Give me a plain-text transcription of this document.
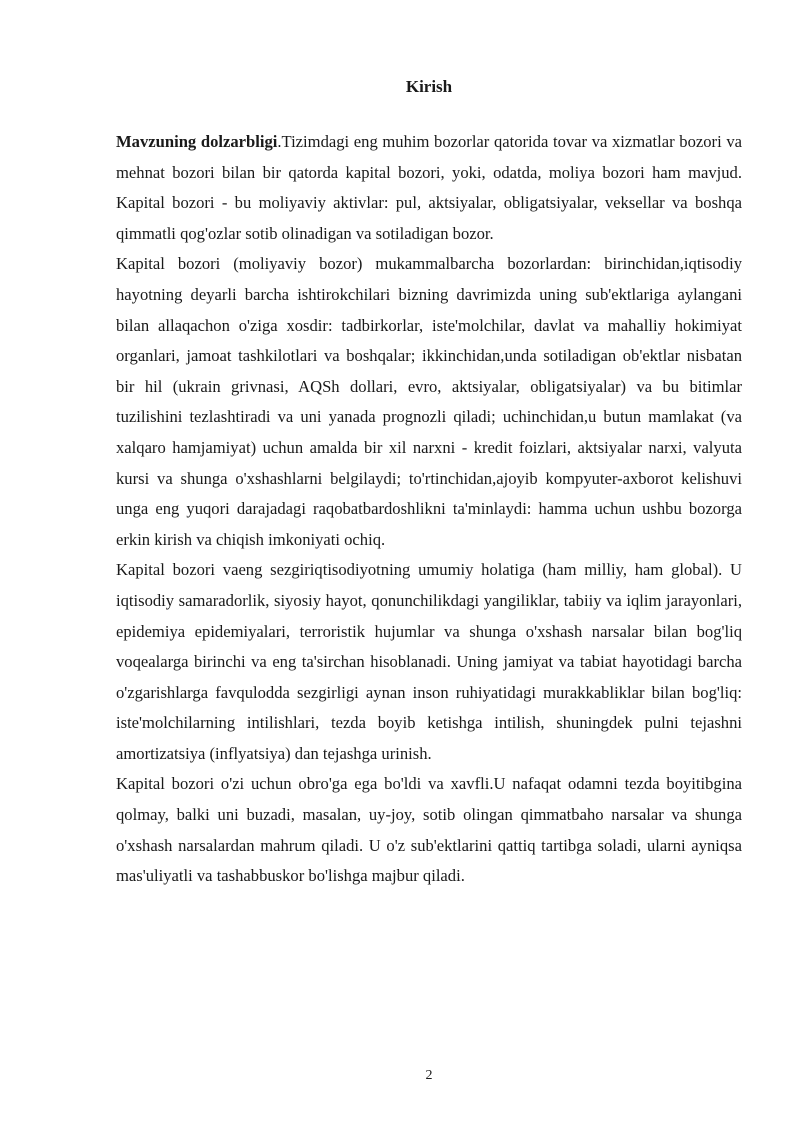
Kirish

Mavzuning dolzarbligi.Tizimdagi eng muhim bozorlar qatorida tovar va xizmatlar bozori va mehnat bozori bilan bir qatorda kapital bozori, yoki, odatda, moliya bozori ham mavjud. Kapital bozori - bu moliyaviy aktivlar: pul, aktsiyalar, obligatsiyalar, veksellar va boshqa qimmatli qog'ozlar sotib olinadigan va sotiladigan bozor.

Kapital bozori (moliyaviy bozor) mukammalbarcha bozorlardan: birinchidan,iqtisodiy hayotning deyarli barcha ishtirokchilari bizning davrimizda uning sub'ektlariga aylangani bilan allaqachon o'ziga xosdir: tadbirkorlar, iste'molchilar, davlat va mahalliy hokimiyat organlari, jamoat tashkilotlari va boshqalar; ikkinchidan,unda sotiladigan ob'ektlar nisbatan bir hil (ukrain grivnasi, AQSh dollari, evro, aktsiyalar, obligatsiyalar) va bu bitimlar tuzilishini tezlashtiradi va uni yanada prognozli qiladi; uchinchidan,u butun mamlakat (va xalqaro hamjamiyat) uchun amalda bir xil narxni - kredit foizlari, aktsiyalar narxi, valyuta kursi va shunga o'xshashlarni belgilaydi; to'rtinchidan,ajoyib kompyuter-axborot kelishuvi unga eng yuqori darajadagi raqobatbardoshlikni ta'minlaydi: hamma uchun ushbu bozorga erkin kirish va chiqish imkoniyati ochiq.

Kapital bozori vaeng sezgiriqtisodiyotning umumiy holatiga (ham milliy, ham global). U iqtisodiy samaradorlik, siyosiy hayot, qonunchilikdagi yangiliklar, tabiiy va iqlim jarayonlari, epidemiya epidemiyalari, terroristik hujumlar va shunga o'xshash narsalar bilan bog'liq voqealarga birinchi va eng ta'sirchan hisoblanadi. Uning jamiyat va tabiat hayotidagi barcha o'zgarishlarga favqulodda sezgirligi aynan inson ruhiyatidagi murakkabliklar bilan bog'liq: iste'molchilarning intilishlari, tezda boyib ketishga intilish, shuningdek pulni tejashni amortizatsiya (inflyatsiya) dan tejashga urinish.

Kapital bozori o'zi uchun obro'ga ega bo'ldi va xavfli.U nafaqat odamni tezda boyitibgina qolmay, balki uni buzadi, masalan, uy-joy, sotib olingan qimmatbaho narsalar va shunga o'xshash narsalardan mahrum qiladi. U o'z sub'ektlarini qattiq tartibga soladi, ularni ayniqsa mas'uliyatli va tashabbuskor bo'lishga majbur qiladi.

2
